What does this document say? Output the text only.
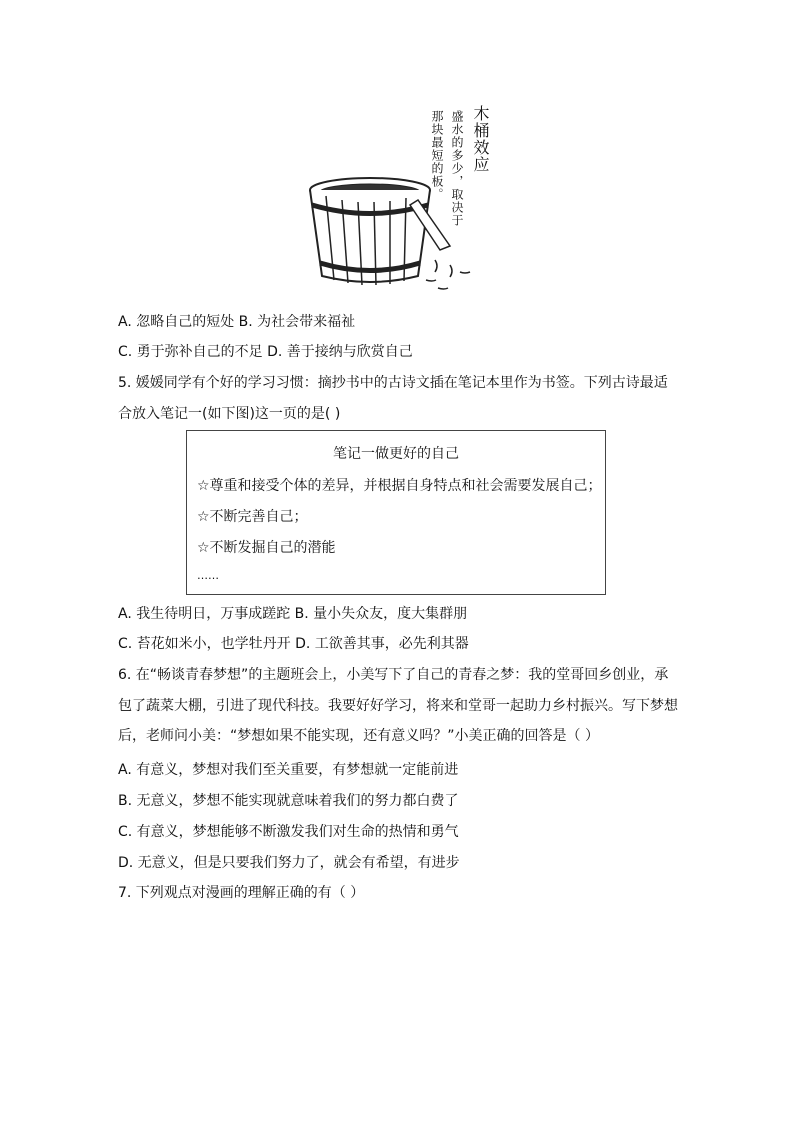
木桶效应
盛水的多少，取决于
那块最短的板。
A. 忽略自己的短处 B. 为社会带来福祉
C. 勇于弥补自己的不足 D. 善于接纳与欣赏自己
5. 媛媛同学有个好的学习习惯：摘抄书中的古诗文插在笔记本里作为书签。下列古诗最适
合放入笔记一(如下图)这一页的是( )
笔记一做更好的自己
☆尊重和接受个体的差异，并根据自身特点和社会需要发展自己；
☆不断完善自己；
☆不断发掘自己的潜能
……
A. 我生待明日，万事成蹉跎 B. 量小失众友，度大集群朋
C. 苔花如米小，也学牡丹开 D. 工欲善其事，必先利其器
6. 在“畅谈青春梦想”的主题班会上，小美写下了自己的青春之梦：我的堂哥回乡创业，承
包了蔬菜大棚，引进了现代科技。我要好好学习，将来和堂哥一起助力乡村振兴。写下梦想
后，老师问小美：“梦想如果不能实现，还有意义吗？”小美正确的回答是（ ）
A. 有意义，梦想对我们至关重要，有梦想就一定能前进
B. 无意义，梦想不能实现就意味着我们的努力都白费了
C. 有意义，梦想能够不断激发我们对生命的热情和勇气
D. 无意义，但是只要我们努力了，就会有希望，有进步
7. 下列观点对漫画的理解正确的有（ ）
